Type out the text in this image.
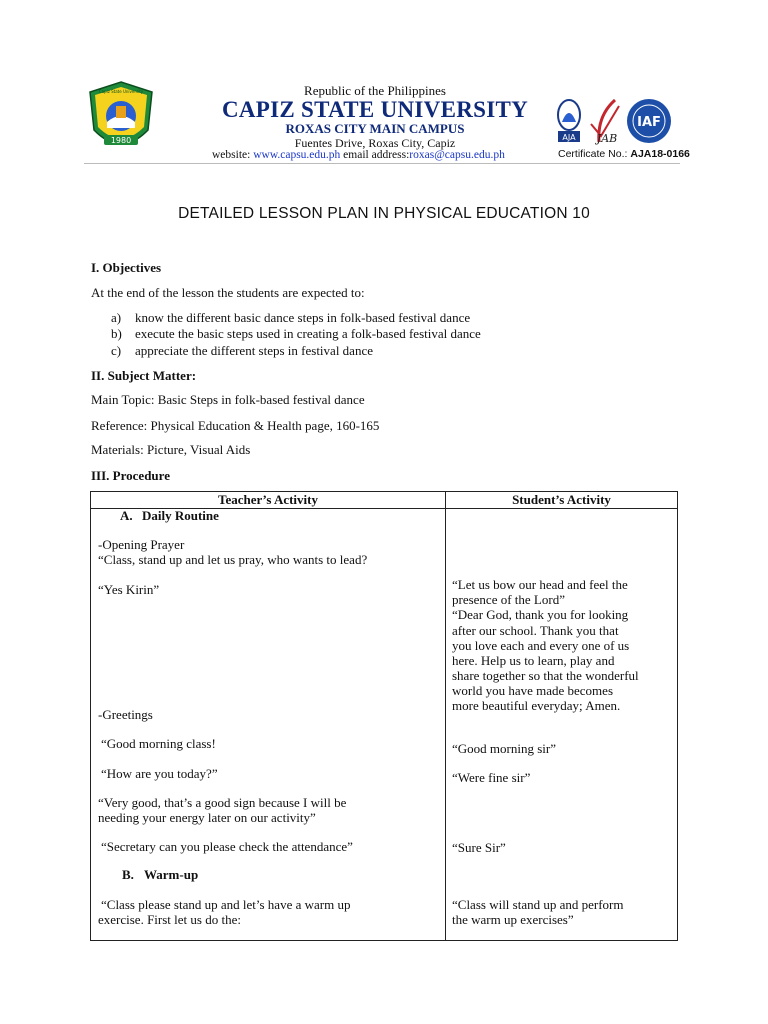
Capiz State University
1980
Republic of the Philippines
CAPIZ STATE UNIVERSITY
ROXAS CITY MAIN CAMPUS
Fuentes Drive, Roxas City, Capiz
website: www.capsu.edu.ph email address:roxas@capsu.edu.ph
AJA JAB
IAF
Certificate No.: AJA18-0166
DETAILED LESSON PLAN IN PHYSICAL EDUCATION 10
I. Objectives
At the end of the lesson the students are expected to:
a) know the different basic dance steps in folk-based festival dance
b) execute the basic steps used in creating a folk-based festival dance
c) appreciate the different steps in festival dance
II. Subject Matter:
Main Topic: Basic Steps in folk-based festival dance
Reference: Physical Education & Health page, 160-165
Materials: Picture, Visual Aids
III. Procedure
Teacher’s Activity	Student’s Activity
A. Daily Routine
-Opening Prayer
“Class, stand up and let us pray, who wants to lead?
“Yes Kirin”
-Greetings
“Good morning class!
“How are you today?”
“Very good, that’s a good sign because I will be
needing your energy later on our activity”
“Secretary can you please check the attendance”
B. Warm-up
“Class please stand up and let’s have a warm up
exercise. First let us do the:
“Let us bow our head and feel the
presence of the Lord”
“Dear God, thank you for looking
after our school. Thank you that
you love each and every one of us
here. Help us to learn, play and
share together so that the wonderful
world you have made becomes
more beautiful everyday; Amen.
“Good morning sir”
“Were fine sir”
“Sure Sir”
“Class will stand up and perform
the warm up exercises”
